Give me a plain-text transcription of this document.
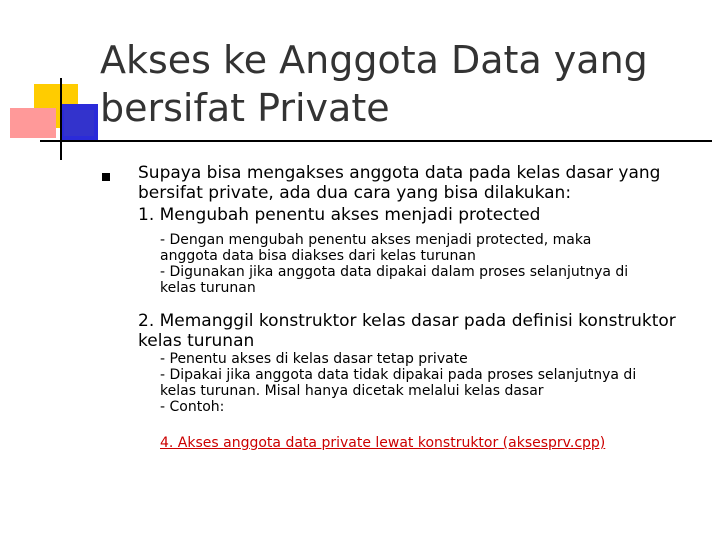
Akses ke Anggota Data yang
bersifat Private

Supaya bisa mengakses anggota data pada kelas dasar yang
bersifat private, ada dua cara yang bisa dilakukan:

1. Mengubah penentu akses menjadi protected

- Dengan mengubah penentu akses menjadi protected, maka
anggota data bisa diakses dari kelas turunan
- Digunakan jika anggota data dipakai dalam proses selanjutnya di
kelas turunan

2. Memanggil konstruktor kelas dasar pada definisi konstruktor
kelas turunan

- Penentu akses di kelas dasar tetap private
- Dipakai jika anggota data tidak dipakai pada proses selanjutnya di
kelas turunan. Misal hanya dicetak melalui kelas dasar
- Contoh:

4. Akses anggota data private lewat konstruktor (aksesprv.cpp)
